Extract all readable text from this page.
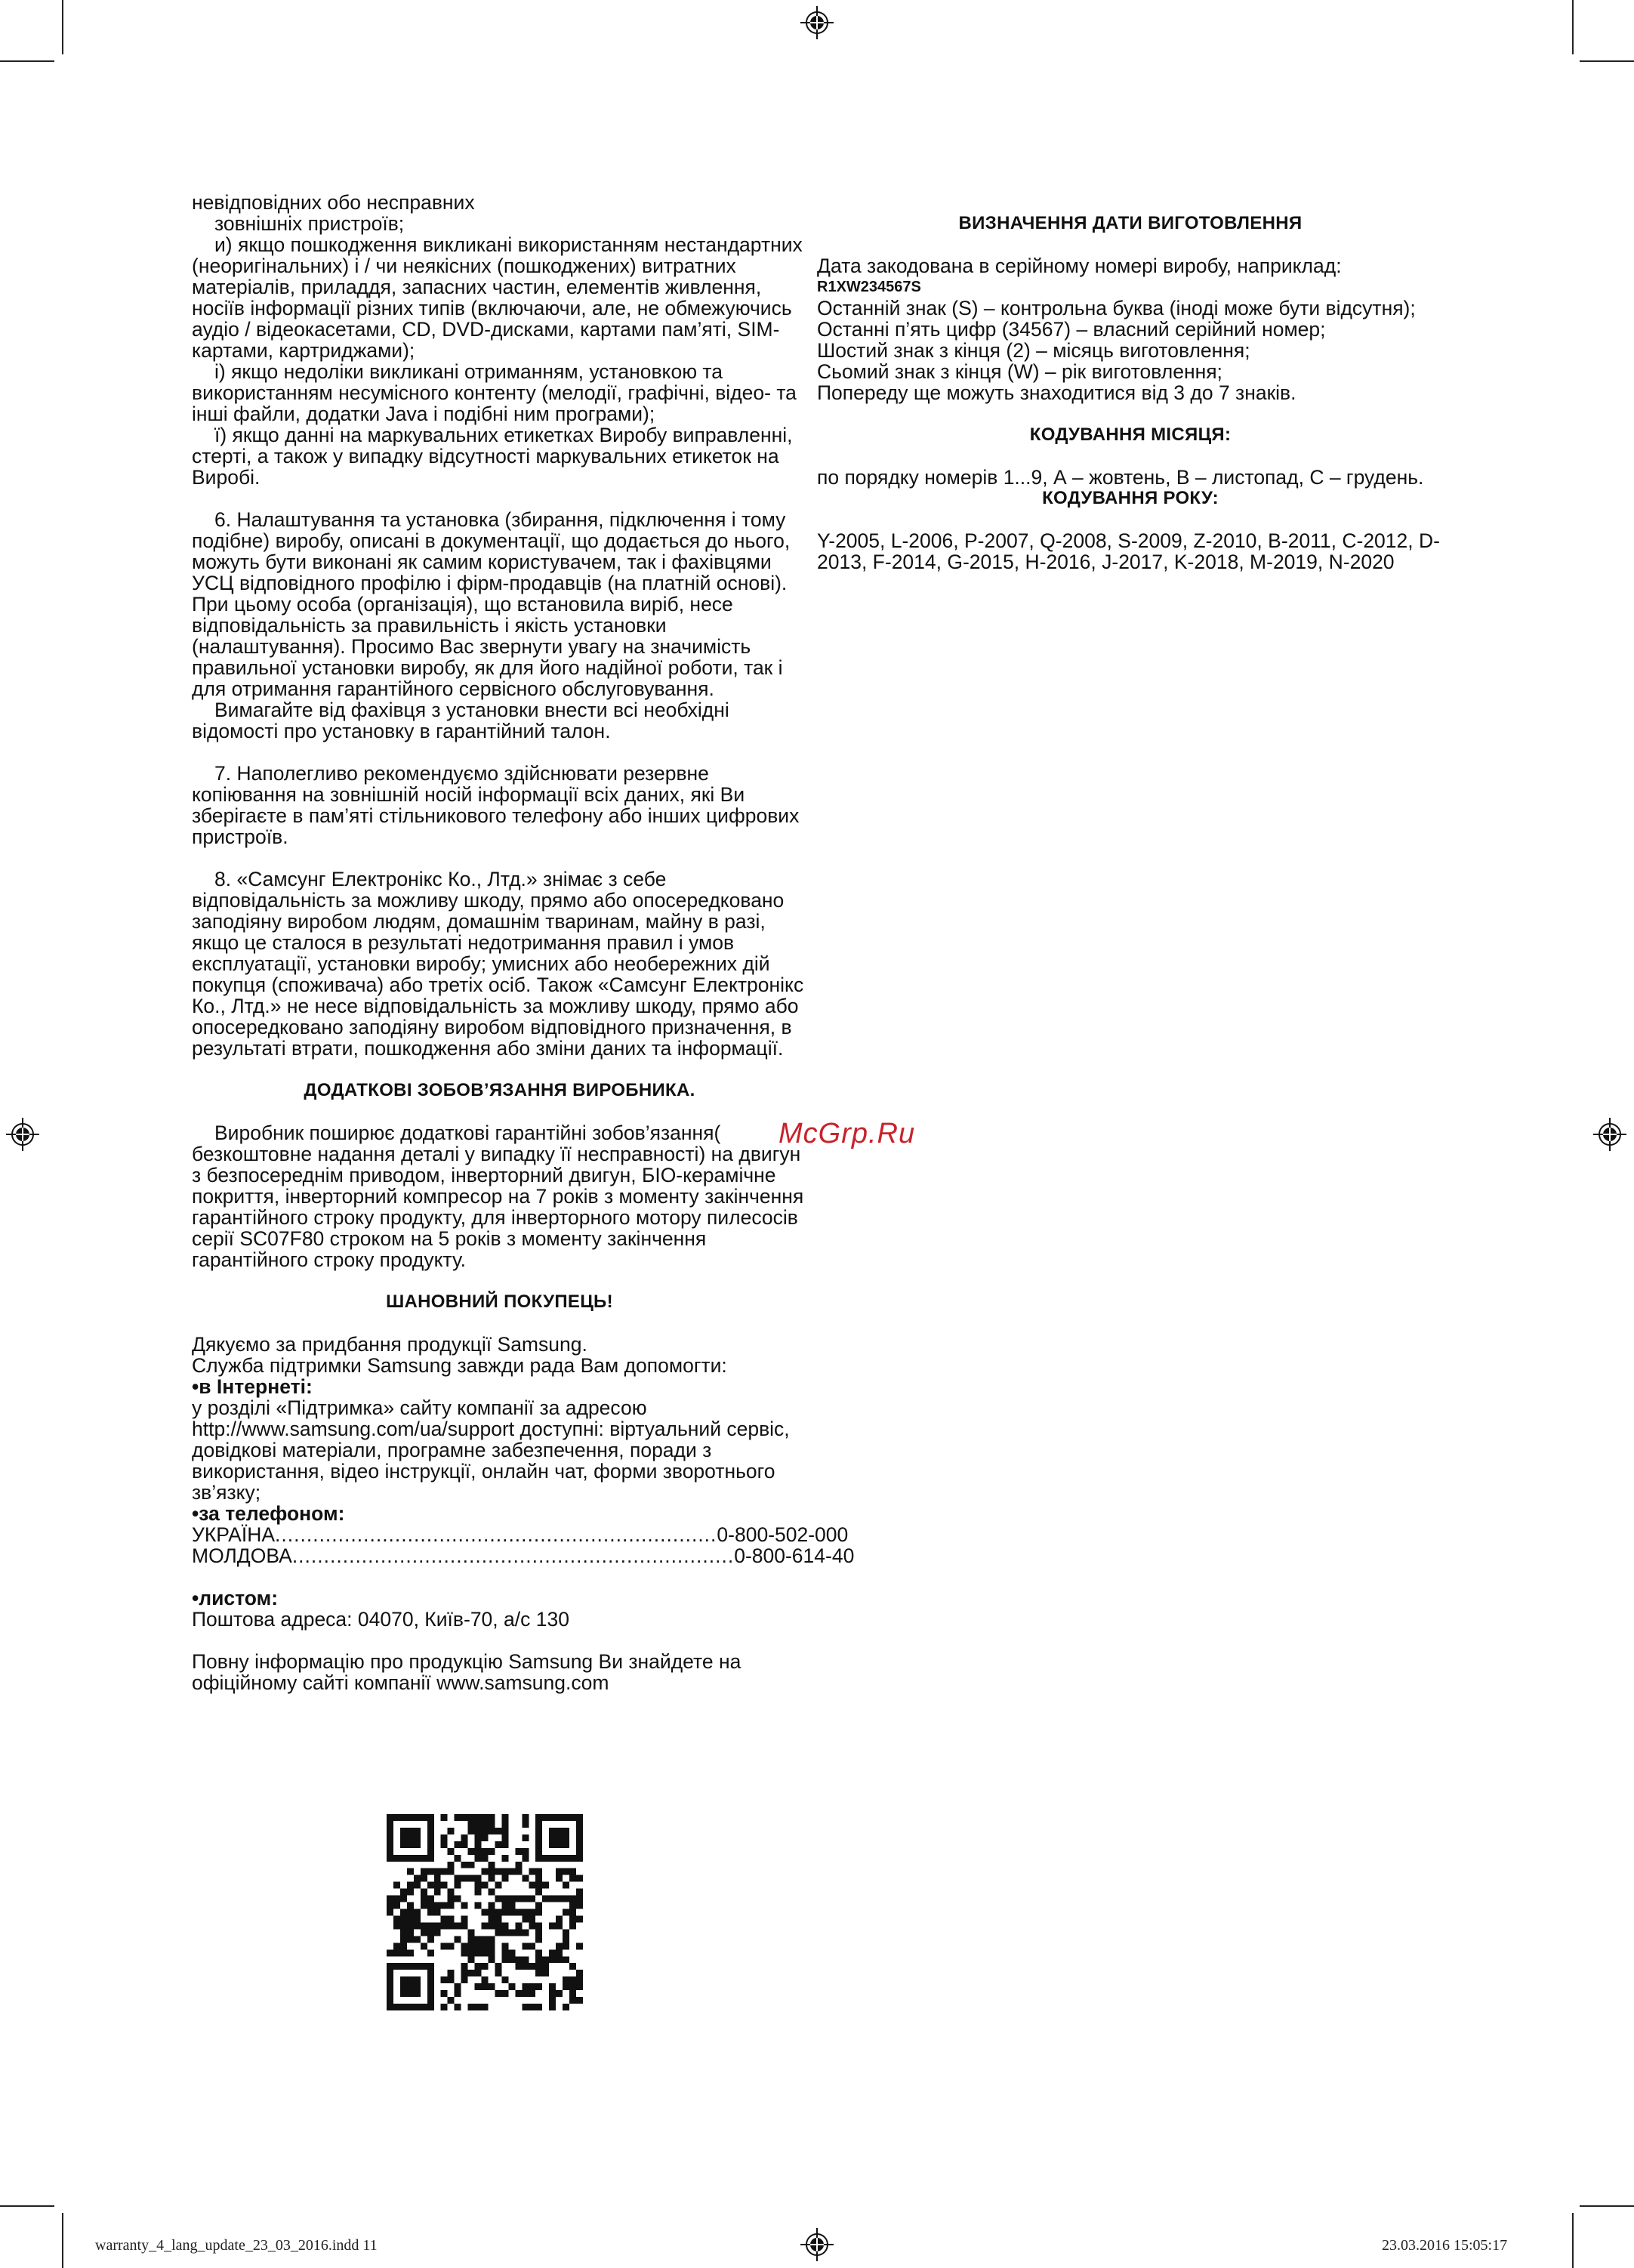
невідповідних обо несправних

зовнішніх пристроїв;

и) якщо пошкодження викликані використанням нестандартних (неоригінальних) і / чи неякісних (пошкоджених) витратних матеріалів, приладдя, запасних частин, елементів живлення, носіїв інформації різних типів (включаючи, але, не обмежуючись аудіо / відеокасетами, CD, DVD-дисками, картами пам’яті, SIM-картами, картриджами);

і) якщо недоліки викликані отриманням, установкою та використанням несумісного контенту (мелодії, графічні, відео- та інші файли, додатки Java і подібні ним програми);

ї) якщо данні на маркувальних етикетках Виробу виправленні, стерті, а також у випадку відсутності маркувальних етикеток на Виробі.

6. Налаштування та установка (збирання, підключення і тому подібне) виробу, описані в документації, що додається до нього, можуть бути виконані як самим користувачем, так і фахівцями УСЦ відповідного профілю і фірм-продавців (на платній основі). При цьому особа (організація), що встановила виріб, несе відповідальність за правильність і якість установки (налаштування). Просимо Вас звернути увагу на значимість правильної установки виробу, як для його надійної роботи, так і для отримання гарантійного сервісного обслуговування.

Вимагайте від фахівця з установки внести всі необхідні відомості про установку в гарантійний талон.

7. Наполегливо рекомендуємо здійснювати резервне копіювання на зовнішній носій інформації всіх даних, які Ви зберігаєте в пам’яті стільникового телефону або інших цифрових пристроїв.

8. «Самсунг Електронікс Ко., Лтд.» знімає з себе відповідальність за можливу шкоду, прямо або опосередковано заподіяну виробом людям, домашнім тваринам, майну в разі, якщо це сталося в результаті недотримання правил і умов експлуатації, установки виробу; умисних або необережних дій покупця (споживача) або третіх осіб. Також «Самсунг Електронікс Ко., Лтд.» не несе відповідальність за можливу шкоду, прямо або опосередковано заподіяну виробом відповідного призначення, в результаті втрати, пошкодження або зміни даних та інформації.

ДОДАТКОВІ ЗОБОВ’ЯЗАННЯ ВИРОБНИКА.

Виробник поширює додаткові гарантійні зобов’язання( безкоштовне надання деталі у випадку її несправності) на двигун з безпосереднім приводом, інверторний двигун, БІО-керамічне покриття, інверторний компресор на 7 років з моменту закінчення гарантійного строку продукту, для інверторного мотору пилесосів серії SC07F80 строком на 5 років з моменту закінчення гарантійного строку продукту.

ШАНОВНИЙ ПОКУПЕЦЬ!

Дякуємо за придбання продукції Samsung.

Служба підтримки Samsung завжди рада Вам допомогти:

•в Інтернеті:

у розділі «Підтримка» сайту компанії за адресою http://www.samsung.com/ua/support доступні: віртуальний сервіс, довідкові матеріали, програмне забезпечення, поради з використання, відео інструкції, онлайн чат, форми зворотнього зв’язку;

•за телефоном:

УКРАЇНА ...................................................................... 0-800-502-000
МОЛДОВА ...................................................................... 0-800-614-40

•листом:

Поштова адреса: 04070, Київ-70, а/с 130

Повну інформацію про продукцію Samsung Ви знайдете на офіційному сайті компанії www.samsung.com

ВИЗНАЧЕННЯ ДАТИ ВИГОТОВЛЕННЯ

Дата закодована в серійному номері виробу, наприклад:

R1XW234567S

Останній знак (S) – контрольна буква (іноді може бути відсутня);

Останні п’ять цифр (34567) – власний серійний номер;

Шостий знак з кінця (2) – місяць виготовлення;

Сьомий знак з кінця (W) – рік виготовлення;

Попереду ще можуть знаходитися від 3 до 7 знаків.

КОДУВАННЯ МІСЯЦЯ:

по порядку номерів 1...9, А – жовтень, В – листопад, С – грудень.

КОДУВАННЯ РОКУ:

Y-2005, L-2006, P-2007, Q-2008, S-2009, Z-2010, B-2011, C-2012, D-2013, F-2014, G-2015, H-2016, J-2017, K-2018, M-2019, N-2020

McGrp.Ru
warranty_4_lang_update_23_03_2016.indd 11	23.03.2016 15:05:17
